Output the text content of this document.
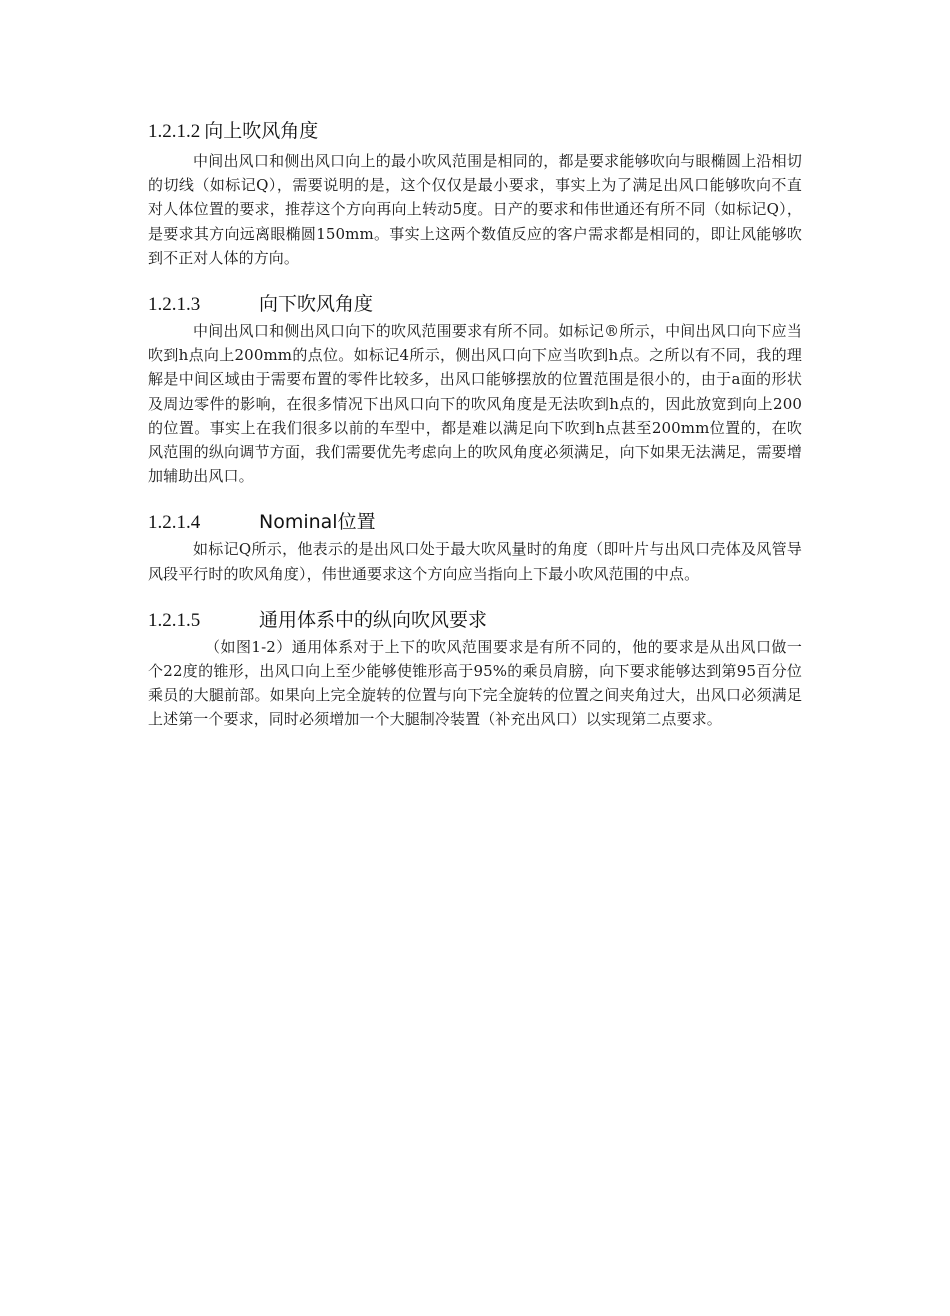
1.2.1.2 向上吹风角度

中间出风口和侧出风口向上的最小吹风范围是相同的，都是要求能够吹向与眼椭圆上沿相切的切线（如标记Q），需要说明的是，这个仅仅是最小要求，事实上为了满足出风口能够吹向不直对人体位置的要求，推荐这个方向再向上转动5度。日产的要求和伟世通还有所不同（如标记Q），是要求其方向远离眼椭圆150mm。事实上这两个数值反应的客户需求都是相同的，即让风能够吹到不正对人体的方向。

1.2.1.3	向下吹风角度

中间出风口和侧出风口向下的吹风范围要求有所不同。如标记®所示，中间出风口向下应当吹到h点向上200mm的点位。如标记4所示，侧出风口向下应当吹到h点。之所以有不同，我的理解是中间区域由于需要布置的零件比较多，出风口能够摆放的位置范围是很小的，由于a面的形状及周边零件的影响，在很多情况下出风口向下的吹风角度是无法吹到h点的，因此放宽到向上200的位置。事实上在我们很多以前的车型中，都是难以满足向下吹到h点甚至200mm位置的，在吹风范围的纵向调节方面，我们需要优先考虑向上的吹风角度必须满足，向下如果无法满足，需要增加辅助出风口。

1.2.1.4	Nominal位置

如标记Q所示，他表示的是出风口处于最大吹风量时的角度（即叶片与出风口壳体及风管导风段平行时的吹风角度），伟世通要求这个方向应当指向上下最小吹风范围的中点。

1.2.1.5	通用体系中的纵向吹风要求

（如图1-2）通用体系对于上下的吹风范围要求是有所不同的，他的要求是从出风口做一个22度的锥形，出风口向上至少能够使锥形高于95%的乘员肩膀，向下要求能够达到第95百分位乘员的大腿前部。如果向上完全旋转的位置与向下完全旋转的位置之间夹角过大，出风口必须满足上述第一个要求，同时必须增加一个大腿制冷装置（补充出风口）以实现第二点要求。
